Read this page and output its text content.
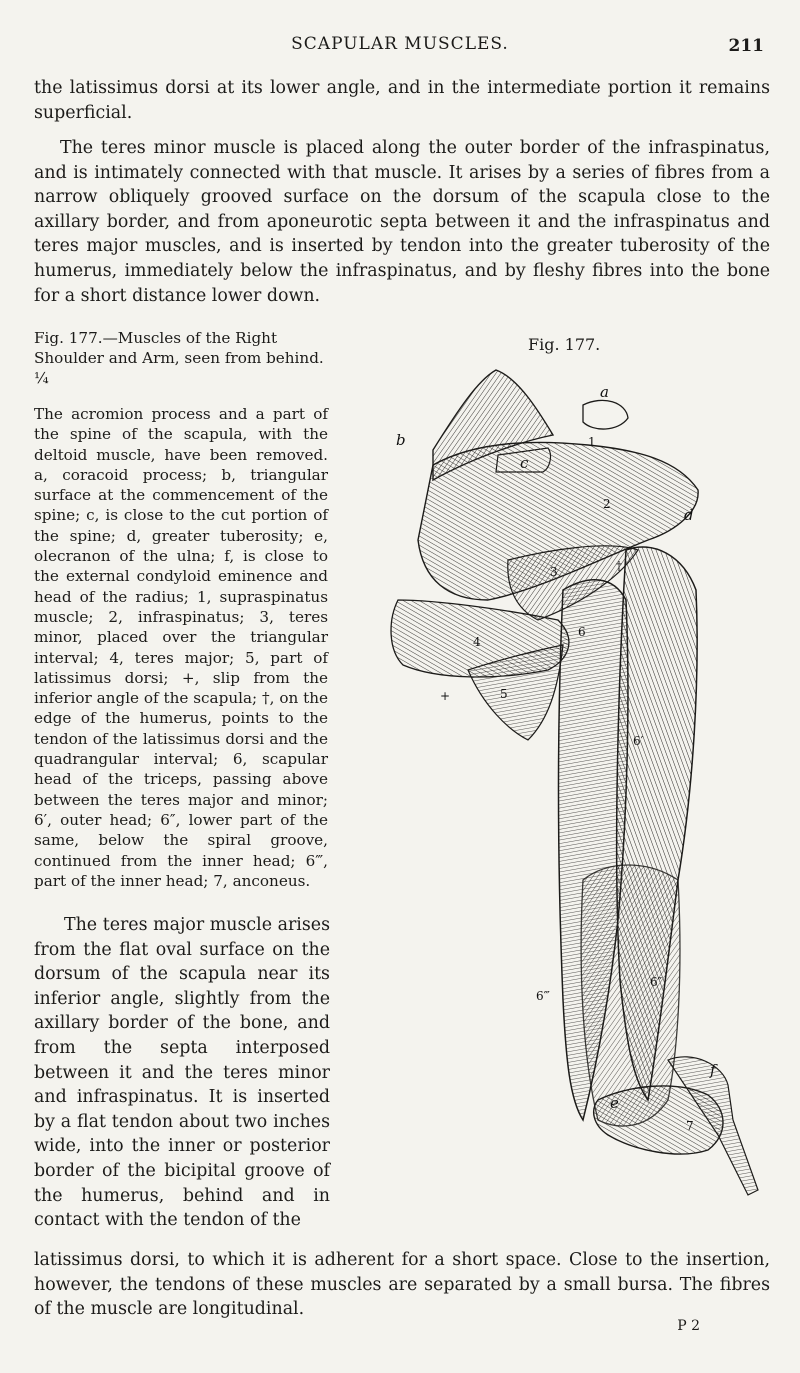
SCAPULAR MUSCLES.	211
the latissimus dorsi at its lower angle, and in the intermediate portion it remains superficial.
The teres minor muscle is placed along the outer border of the infraspinatus, and is intimately connected with that muscle. It arises by a series of fibres from a narrow obliquely grooved surface on the dorsum of the scapula close to the axillary border, and from aponeurotic septa between it and the infraspinatus and teres major muscles, and is inserted by tendon into the greater tuberosity of the humerus, immediately below the infraspinatus, and by fleshy fibres into the bone for a short distance lower down.
Fig. 177.—Muscles of the Right Shoulder and Arm, seen from behind. ¼
The acromion process and a part of the spine of the scapula, with the deltoid muscle, have been removed. a, coracoid process; b, triangular surface at the commencement of the spine; c, is close to the cut portion of the spine; d, greater tuberosity; e, olecranon of the ulna; f, is close to the external condyloid eminence and head of the radius; 1, supraspinatus muscle; 2, infraspinatus; 3, teres minor, placed over the triangular interval; 4, teres major; 5, part of latissimus dorsi; +, slip from the inferior angle of the scapula; †, on the edge of the humerus, points to the tendon of the latissimus dorsi and the quadrangular interval; 6, scapular head of the triceps, passing above between the teres major and minor; 6′, outer head; 6″, lower part of the same, below the spiral groove, continued from the inner head; 6‴, part of the inner head; 7, anconeus.
Fig. 177.
a
b
c
d
e
f
1
2
3
4
5
6
6′
6″
6‴
7
+
†
The teres major muscle arises from the flat oval surface on the dorsum of the scapula near its inferior angle, slightly from the axillary border of the bone, and from the septa interposed between it and the teres minor and infraspinatus. It is inserted by a flat tendon about two inches wide, into the inner or posterior border of the bicipital groove of the humerus, behind and in contact with the tendon of the
latissimus dorsi, to which it is adherent for a short space. Close to the insertion, however, the tendons of these muscles are separated by a small bursa. The fibres of the muscle are longitudinal.
P 2
